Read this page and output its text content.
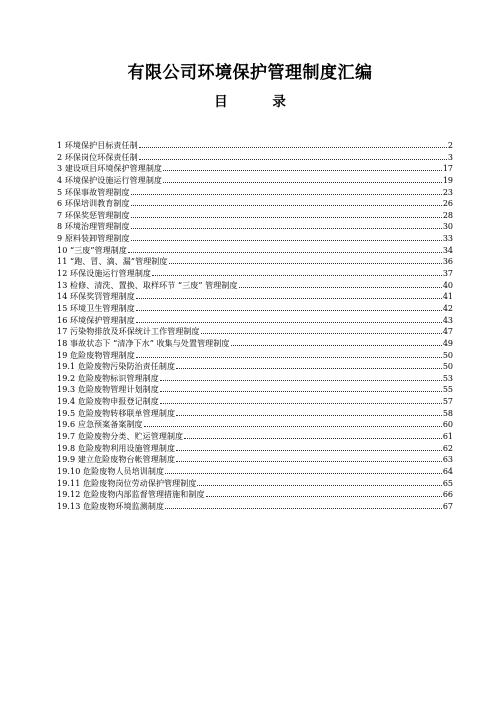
有限公司环境保护管理制度汇编
目 录
1 环境保护目标责任制	2
2 环保岗位环保责任制	3
3 建设项目环境保护管理制度	17
4 环境保护设施运行管理制度	19
5 环保事故管理制度	23
6 环保培训教育制度	26
7 环保奖惩管理制度	28
8 环境治理管理制度	30
9 原料装卸管理制度	33
10 “三废”管理制度	34
11 “跑、冒、滴、漏”管理制度	36
12 环保设施运行管理制度	37
13 检修、清洗、置换、取样环节 “三废” 管理制度	40
14 环保奖罚管理制度	41
15 环境卫生管理制度	42
16 环境保护管理制度	43
17 污染物排放及环保统计工作管理制度	47
18 事故状态下 “清净下水” 收集与处置管理制度	49
19 危险废物管理制度	50
19.1 危险废物污染防治责任制度	50
19.2 危险废物标识管理制度	53
19.3 危险废物管理计划制度	55
19.4 危险废物申报登记制度	57
19.5 危险废物转移联单管理制度	58
19.6 应急预案备案制度	60
19.7 危险废物分类、贮运管理制度	61
19.8 危险废物利用设施管理制度	62
19.9 建立危险废物台帐管理制度	63
19.10 危险废物人员培训制度	64
19.11 危险废物岗位劳动保护管理制度	65
19.12 危险废物内部监督管理措施和制度	66
19.13 危险废物环境监测制度	67
